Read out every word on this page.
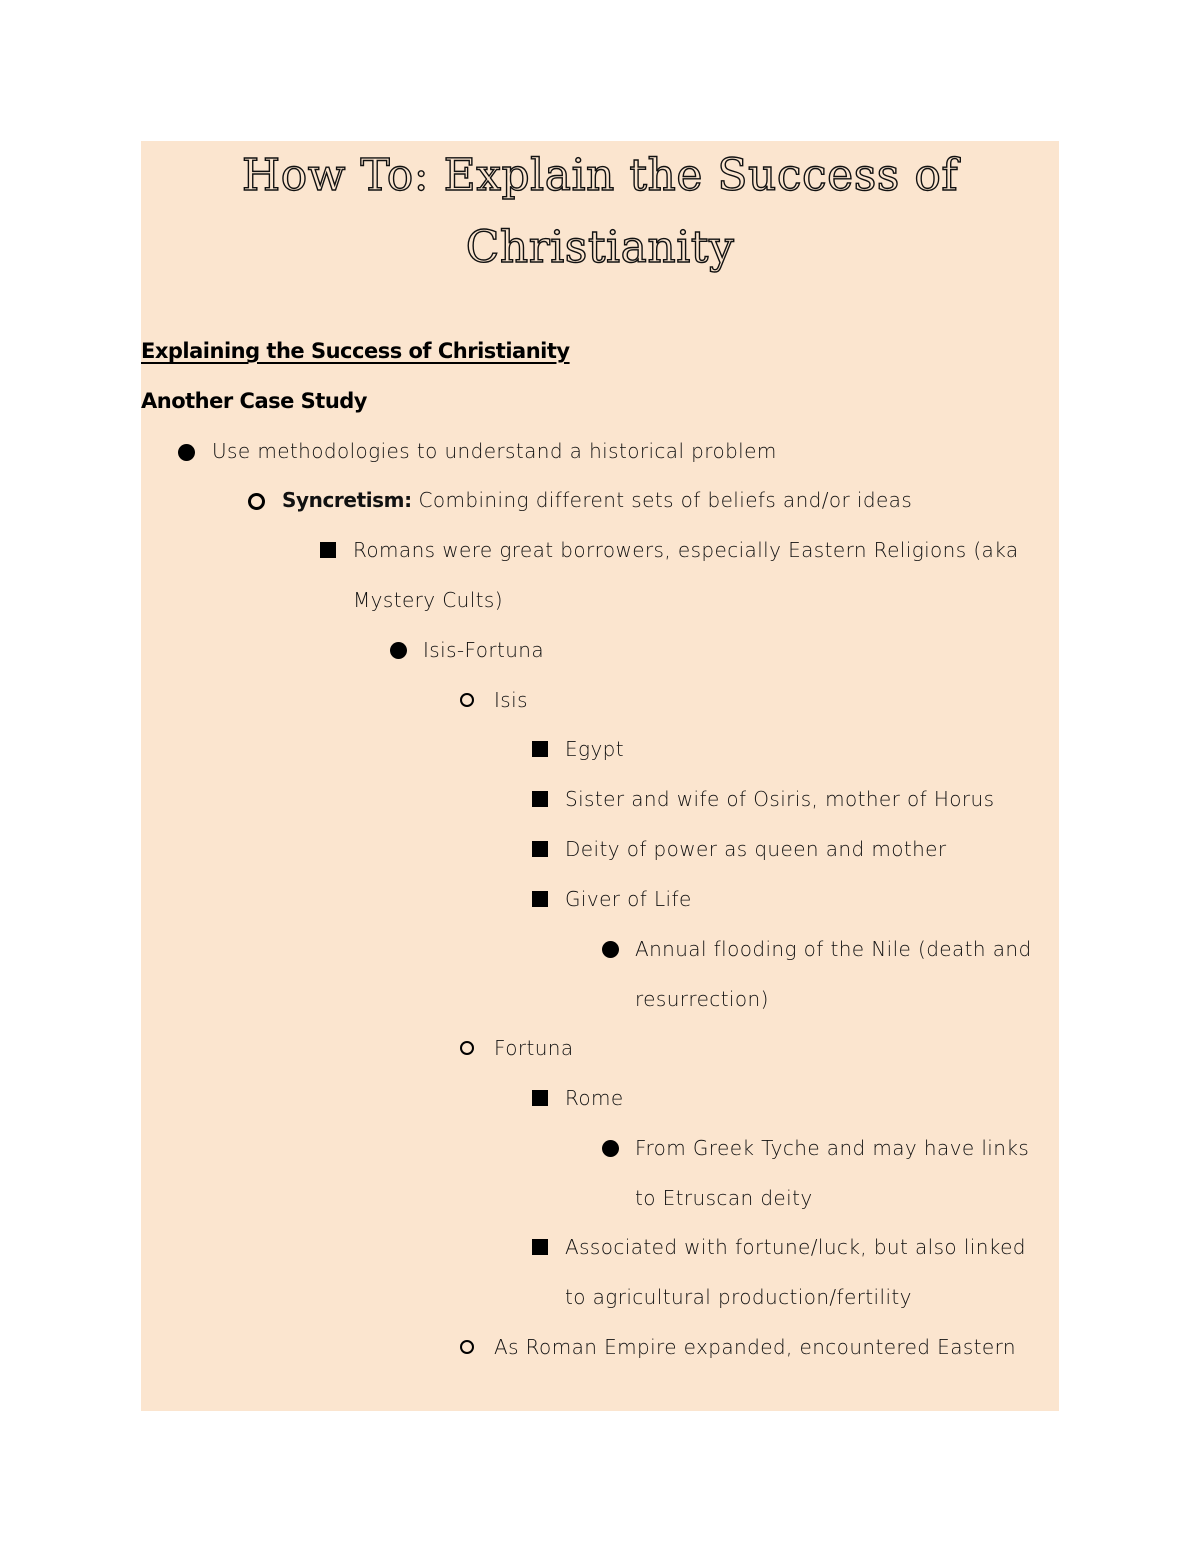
How To: Explain the Success of
Christianity
Explaining the Success of Christianity
Another Case Study
Use methodologies to understand a historical problem
Syncretism: Combining different sets of beliefs and/or ideas
Romans were great borrowers, especially Eastern Religions (aka
Mystery Cults)
Isis-Fortuna
Isis
Egypt
Sister and wife of Osiris, mother of Horus
Deity of power as queen and mother
Giver of Life
Annual flooding of the Nile (death and
resurrection)
Fortuna
Rome
From Greek Tyche and may have links
to Etruscan deity
Associated with fortune/luck, but also linked
to agricultural production/fertility
As Roman Empire expanded, encountered Eastern
